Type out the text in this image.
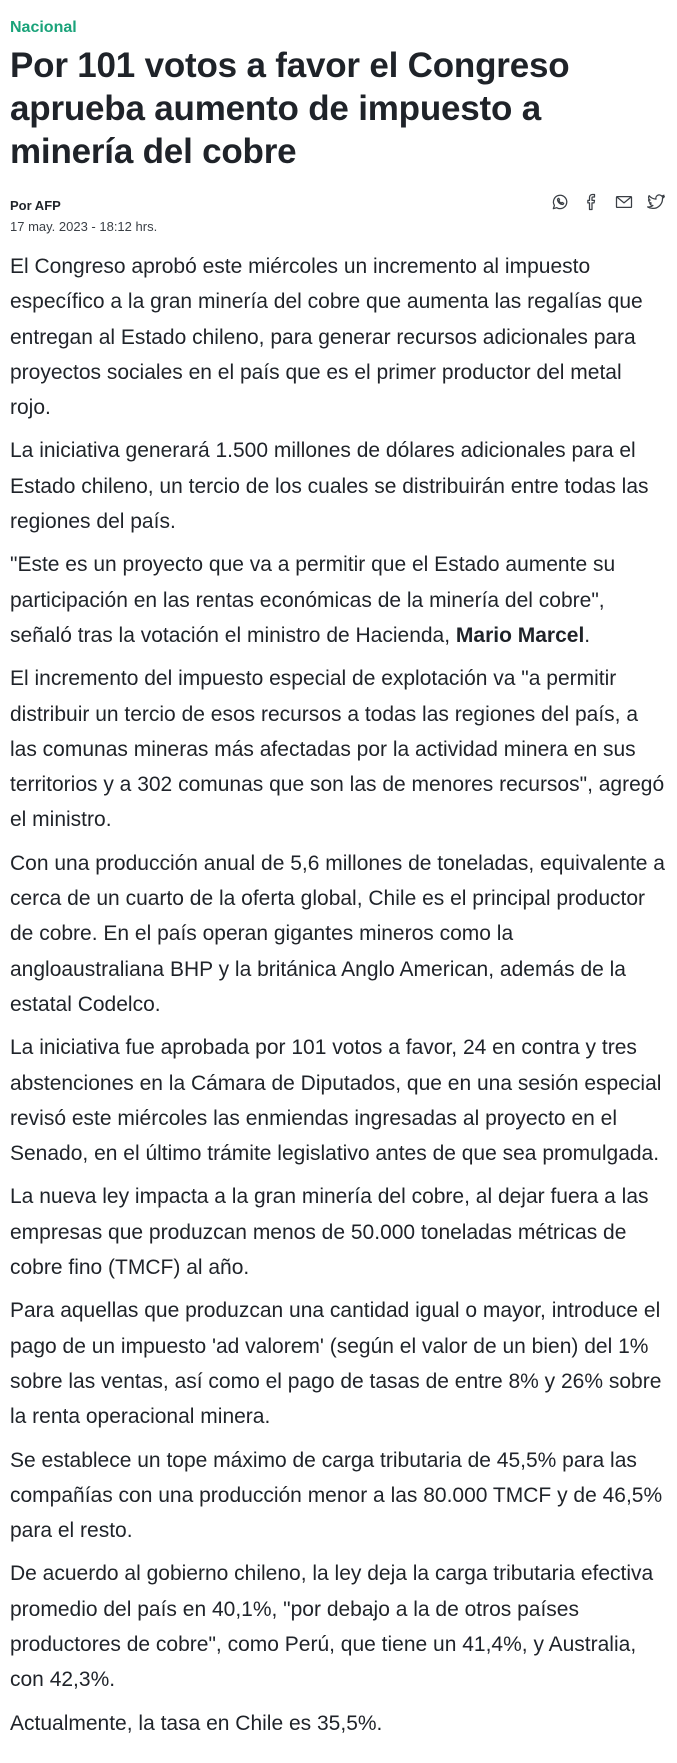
Nacional
Por 101 votos a favor el Congreso aprueba aumento de impuesto a minería del cobre
Por AFP
17 may. 2023 - 18:12 hrs.

El Congreso aprobó este miércoles un incremento al impuesto específico a la gran minería del cobre que aumenta las regalías que entregan al Estado chileno, para generar recursos adicionales para proyectos sociales en el país que es el primer productor del metal rojo.

La iniciativa generará 1.500 millones de dólares adicionales para el Estado chileno, un tercio de los cuales se distribuirán entre todas las regiones del país.

"Este es un proyecto que va a permitir que el Estado aumente su participación en las rentas económicas de la minería del cobre", señaló tras la votación el ministro de Hacienda, Mario Marcel.

El incremento del impuesto especial de explotación va "a permitir distribuir un tercio de esos recursos a todas las regiones del país, a las comunas mineras más afectadas por la actividad minera en sus territorios y a 302 comunas que son las de menores recursos", agregó el ministro.

Con una producción anual de 5,6 millones de toneladas, equivalente a cerca de un cuarto de la oferta global, Chile es el principal productor de cobre. En el país operan gigantes mineros como la angloaustraliana BHP y la británica Anglo American, además de la estatal Codelco.

La iniciativa fue aprobada por 101 votos a favor, 24 en contra y tres abstenciones en la Cámara de Diputados, que en una sesión especial revisó este miércoles las enmiendas ingresadas al proyecto en el Senado, en el último trámite legislativo antes de que sea promulgada.

La nueva ley impacta a la gran minería del cobre, al dejar fuera a las empresas que produzcan menos de 50.000 toneladas métricas de cobre fino (TMCF) al año.

Para aquellas que produzcan una cantidad igual o mayor, introduce el pago de un impuesto 'ad valorem' (según el valor de un bien) del 1% sobre las ventas, así como el pago de tasas de entre 8% y 26% sobre la renta operacional minera.

Se establece un tope máximo de carga tributaria de 45,5% para las compañías con una producción menor a las 80.000 TMCF y de 46,5% para el resto.

De acuerdo al gobierno chileno, la ley deja la carga tributaria efectiva promedio del país en 40,1%, "por debajo a la de otros países productores de cobre", como Perú, que tiene un 41,4%, y Australia, con 42,3%.

Actualmente, la tasa en Chile es 35,5%.
